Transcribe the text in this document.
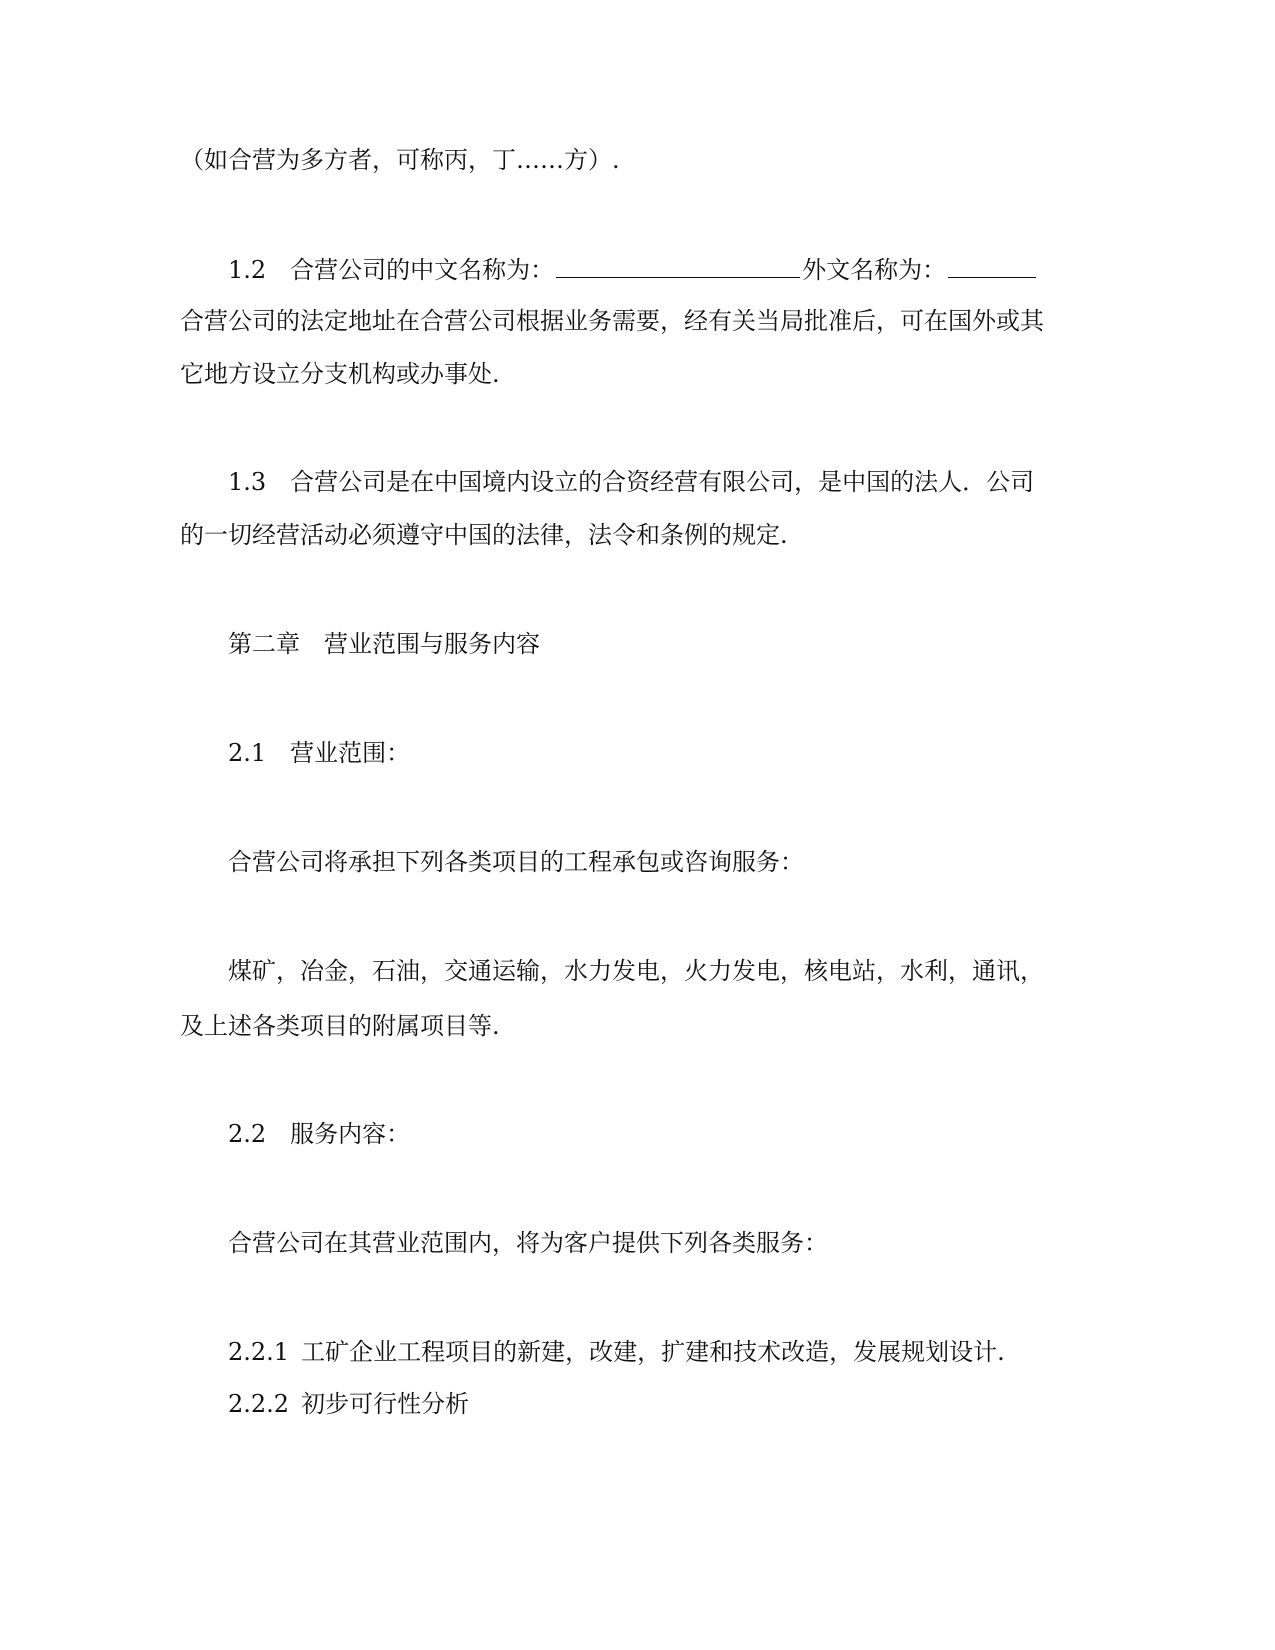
（如合营为多方者，可称丙，丁……方）.
1.2 合营公司的中文名称为：	外文名称为：
合营公司的法定地址在合营公司根据业务需要，经有关当局批准后，可在国外或其
它地方设立分支机构或办事处.
1.3 合营公司是在中国境内设立的合资经营有限公司，是中国的法人．公司
的一切经营活动必须遵守中国的法律，法令和条例的规定.
第二章 营业范围与服务内容
2.1 营业范围：
合营公司将承担下列各类项目的工程承包或咨询服务：
煤矿，冶金，石油，交通运输，水力发电，火力发电，核电站，水利，通讯，
及上述各类项目的附属项目等.
2.2 服务内容：
合营公司在其营业范围内，将为客户提供下列各类服务：
2.2.1 工矿企业工程项目的新建，改建，扩建和技术改造，发展规划设计.
2.2.2 初步可行性分析
